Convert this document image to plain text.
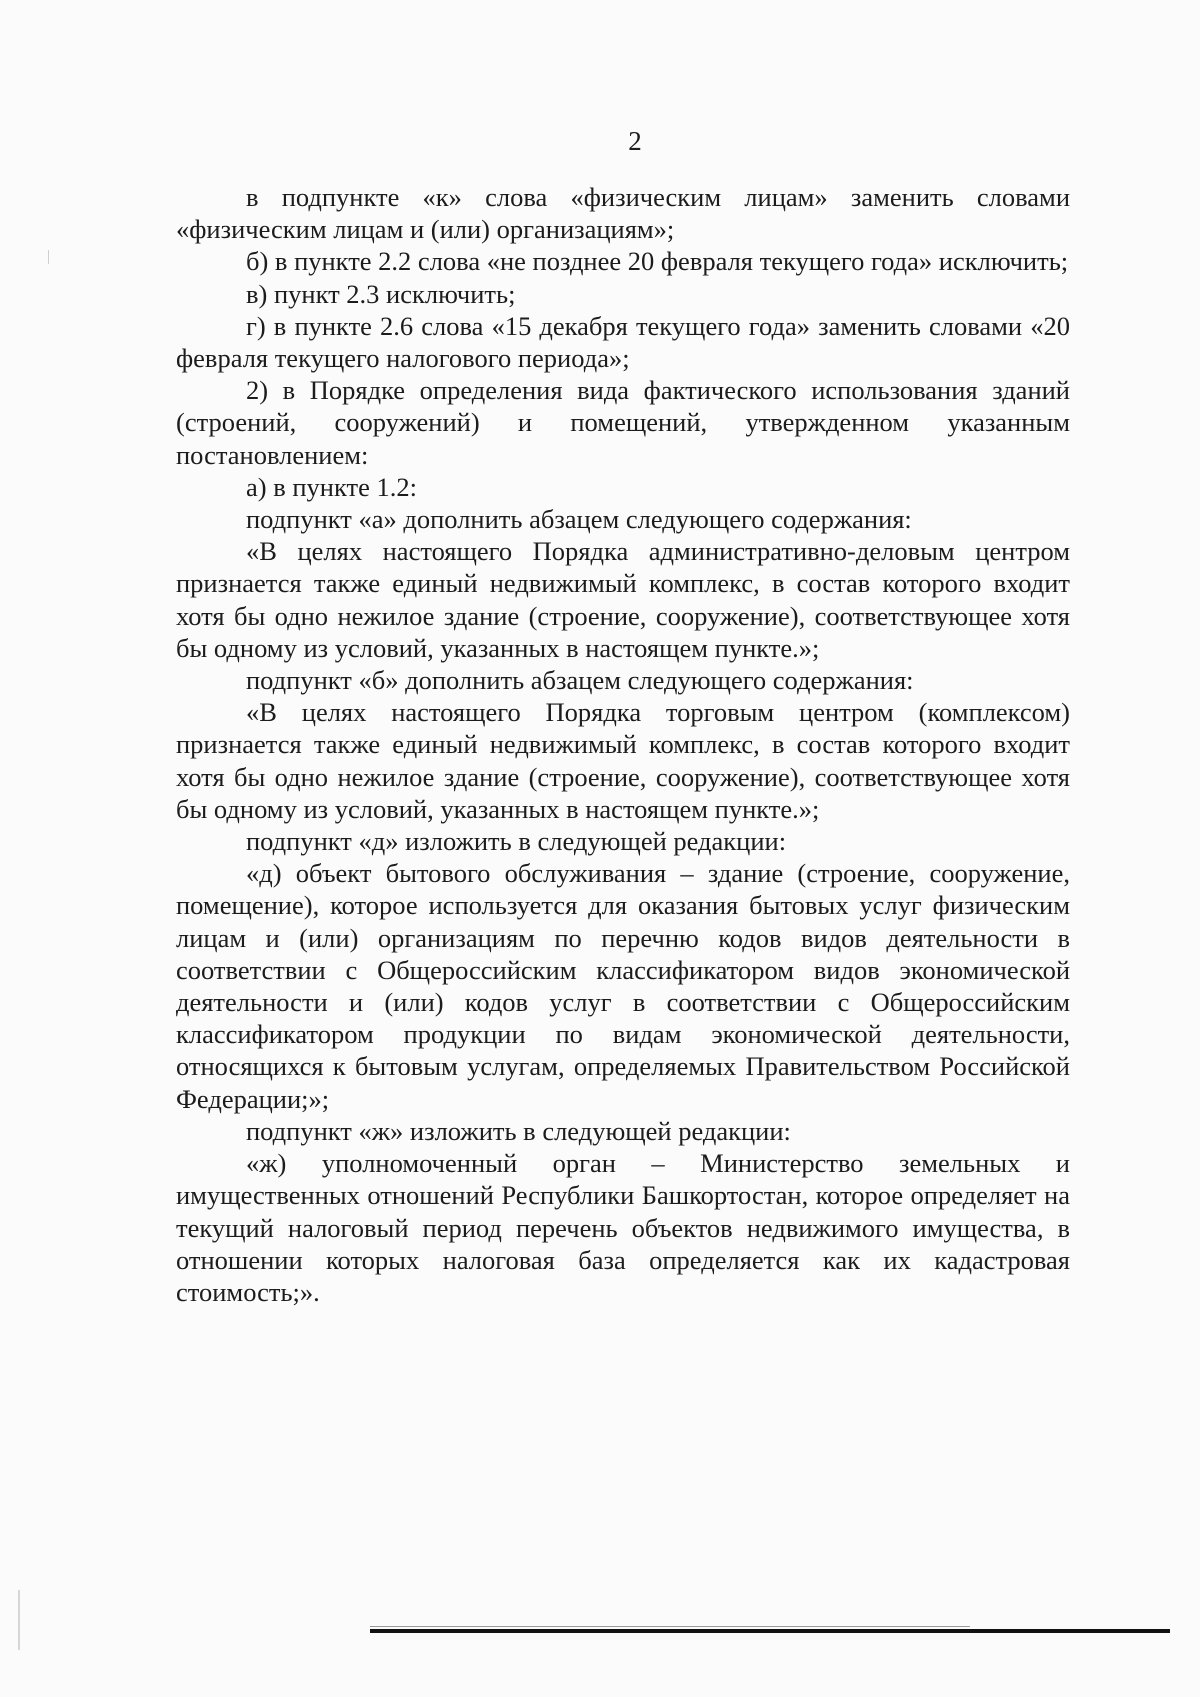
2

в подпункте «к» слова «физическим лицам» заменить словами «физическим лицам и (или) организациям»;

б) в пункте 2.2 слова «не позднее 20 февраля текущего года» исключить;

в) пункт 2.3 исключить;

г) в пункте 2.6 слова «15 декабря текущего года» заменить словами «20 февраля текущего налогового периода»;

2) в Порядке определения вида фактического использования зданий (строений, сооружений) и помещений, утвержденном указанным постановлением:

а) в пункте 1.2:

подпункт «а» дополнить абзацем следующего содержания:

«В целях настоящего Порядка административно-деловым центром признается также единый недвижимый комплекс, в состав которого входит хотя бы одно нежилое здание (строение, сооружение), соответствующее хотя бы одному из условий, указанных в настоящем пункте.»;

подпункт «б» дополнить абзацем следующего содержания:

«В целях настоящего Порядка торговым центром (комплексом) признается также единый недвижимый комплекс, в состав которого входит хотя бы одно нежилое здание (строение, сооружение), соответствующее хотя бы одному из условий, указанных в настоящем пункте.»;

подпункт «д» изложить в следующей редакции:

«д) объект бытового обслуживания – здание (строение, сооружение, помещение), которое используется для оказания бытовых услуг физическим лицам и (или) организациям по перечню кодов видов деятельности в соответствии с Общероссийским классификатором видов экономической деятельности и (или) кодов услуг в соответствии с Общероссийским классификатором продукции по видам экономической деятельности, относящихся к бытовым услугам, определяемых Правительством Российской Федерации;»;

подпункт «ж» изложить в следующей редакции:

«ж) уполномоченный орган – Министерство земельных и имущественных отношений Республики Башкортостан, которое определяет на текущий налоговый период перечень объектов недвижимого имущества, в отношении которых налоговая база определяется как их кадастровая стоимость;».
